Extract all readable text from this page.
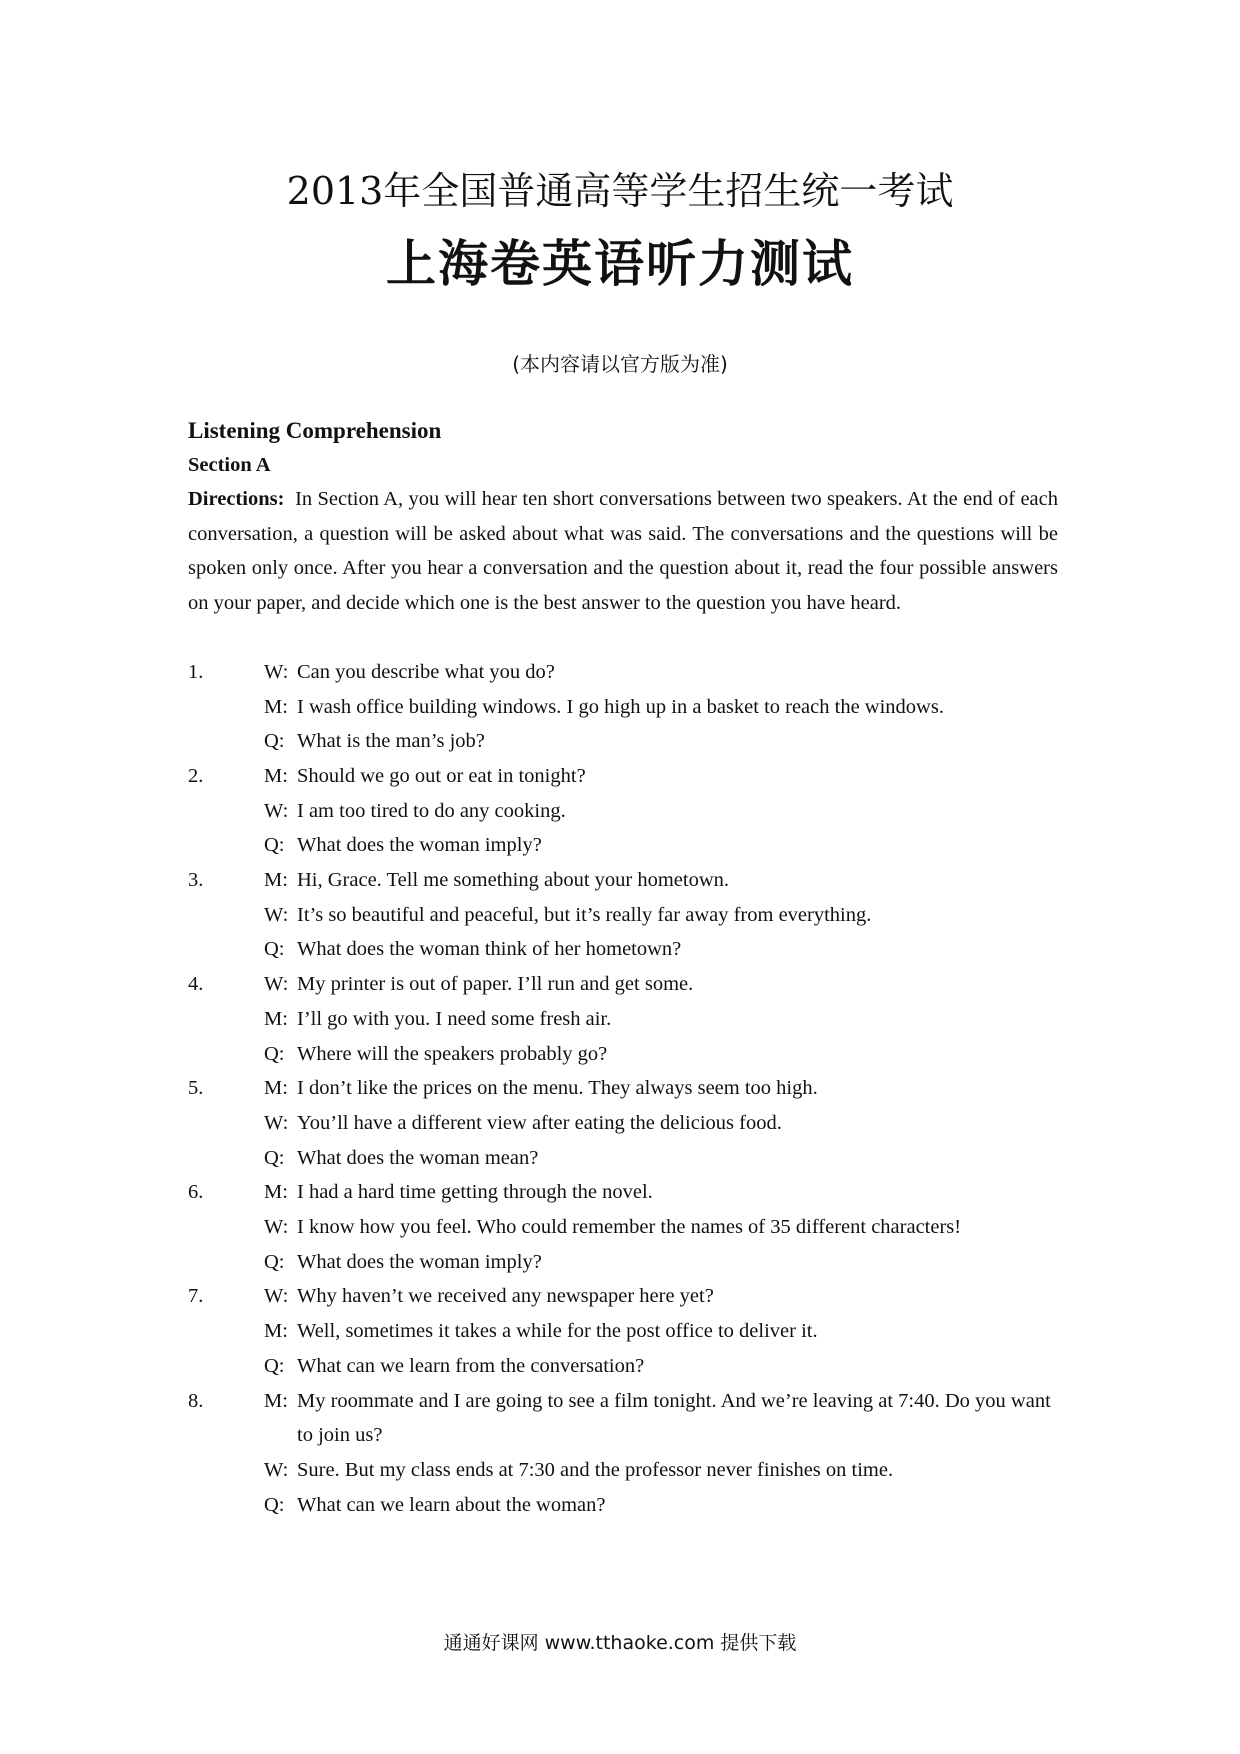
2013年全国普通高等学生招生统一考试
上海卷英语听力测试
(本内容请以官方版为准)
Listening Comprehension
Section A

Directions: In Section A, you will hear ten short conversations between two speakers. At the end of each conversation, a question will be asked about what was said. The conversations and the questions will be spoken only once. After you hear a conversation and the question about it, read the four possible answers on your paper, and decide which one is the best answer to the question you have heard.

1.	W: Can you describe what you do?
M: I wash office building windows. I go high up in a basket to reach the windows.
Q: What is the man’s job?
2.	M: Should we go out or eat in tonight?
W: I am too tired to do any cooking.
Q: What does the woman imply?
3.	M: Hi, Grace. Tell me something about your hometown.
W: It’s so beautiful and peaceful, but it’s really far away from everything.
Q: What does the woman think of her hometown?
4.	W: My printer is out of paper. I’ll run and get some.
M: I’ll go with you. I need some fresh air.
Q: Where will the speakers probably go?
5.	M: I don’t like the prices on the menu. They always seem too high.
W: You’ll have a different view after eating the delicious food.
Q: What does the woman mean?
6.	M: I had a hard time getting through the novel.
W: I know how you feel. Who could remember the names of 35 different characters!
Q: What does the woman imply?
7.	W: Why haven’t we received any newspaper here yet?
M: Well, sometimes it takes a while for the post office to deliver it.
Q: What can we learn from the conversation?
8.	M: My roommate and I are going to see a film tonight. And we’re leaving at 7:40. Do you want to join us?
W: Sure. But my class ends at 7:30 and the professor never finishes on time.
Q: What can we learn about the woman?
通通好课网 www.tthaoke.com 提供下载
